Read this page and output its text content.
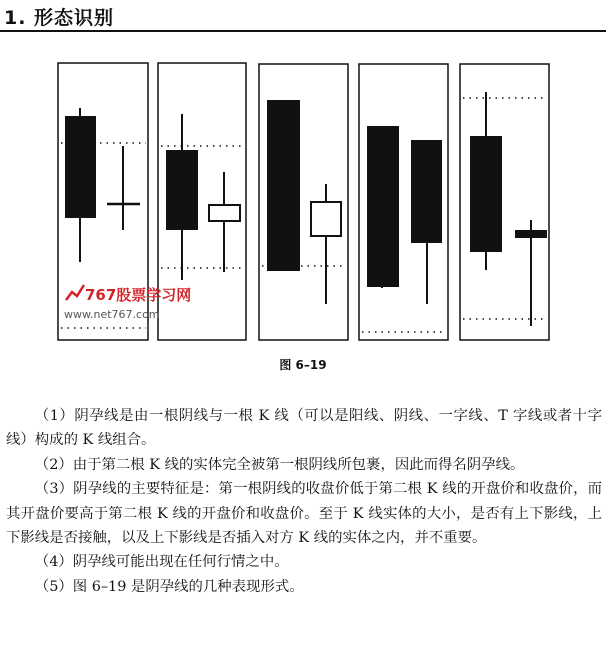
1. 形态识别
767股票学习网
www.net767.com
图 6–19

（1）阴孕线是由一根阴线与一根 K 线（可以是阳线、阴线、一字线、T 字线或者十字线）构成的 K 线组合。

（2）由于第二根 K 线的实体完全被第一根阴线所包裹，因此而得名阴孕线。

（3）阴孕线的主要特征是：第一根阴线的收盘价低于第二根 K 线的开盘价和收盘价，而其开盘价要高于第二根 K 线的开盘价和收盘价。至于 K 线实体的大小，是否有上下影线，上下影线是否接触，以及上下影线是否插入对方 K 线的实体之内，并不重要。

（4）阴孕线可能出现在任何行情之中。

（5）图 6–19 是阴孕线的几种表现形式。
